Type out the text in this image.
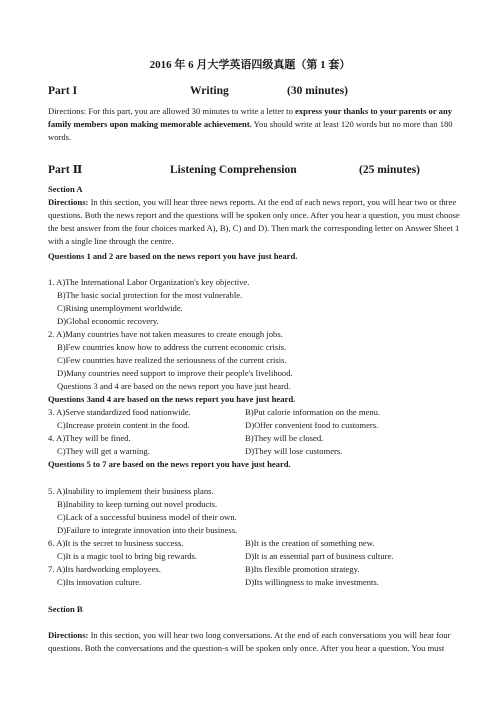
2016 年 6 月大学英语四级真题（第 1 套）
Part I	Writing	(30 minutes)
Directions: For this part, you are allowed 30 minutes to write a letter to express your thanks to your parents or any family members upon making memorable achievement. You should write at least 120 words but no more than 180 words.
Part Ⅱ	Listening Comprehension	(25 minutes)
Section A
Directions: In this section, you will hear three news reports. At the end of each news report, you will hear two or three questions. Both the news report and the questions will be spoken only once. After you hear a question, you must choose the best answer from the four choices marked A), B), C) and D). Then mark the corresponding letter on Answer Sheet 1 with a single line through the centre.
Questions 1 and 2 are based on the news report you have just heard.
1. A)The International Labor Organization's key objective.
B)The basic social protection for the most vulnerable.
C)Rising unemployment worldwide.
D)Global economic recovery.
2. A)Many countries have not taken measures to create enough jobs.
B)Few countries know how to address the current economic crisis.
C)Few countries have realized the seriousness of the current crisis.
D)Many countries need support to improve their people's livelihood.
Questions 3 and 4 are based on the news report you have just heard.
Questions 3and 4 are based on the news report you have just heard.
3. A)Serve standardized food nationwide.	B)Put calorie information on the menu.
C)Increase protein content in the food.	D)Offer convenient food to customers.
4. A)They will be fined.	B)They will be closed.
C)They will get a warning.	D)They will lose customers.
Questions 5 to 7 are based on the news report you have just heard.
5. A)Inability to implement their business plans.
B)Inability to keep turning out novel products.
C)Lack of a successful business model of their own.
D)Failure to integrate innovation into their business.
6. A)It is the secret to business success.	B)It is the creation of something new.
C)It is a magic tool to bring big rewards.	D)It is an essential part of business culture.
7. A)Its hardworking employees.	B)Its flexible promotion strategy.
C)Its innovation culture.	D)Its willingness to make investments.
Section B
Directions: In this section, you will hear two long conversations. At the end of each conversations you will hear four questions. Both the conversations and the question-s will be spoken only once. After you hear a question. You must
